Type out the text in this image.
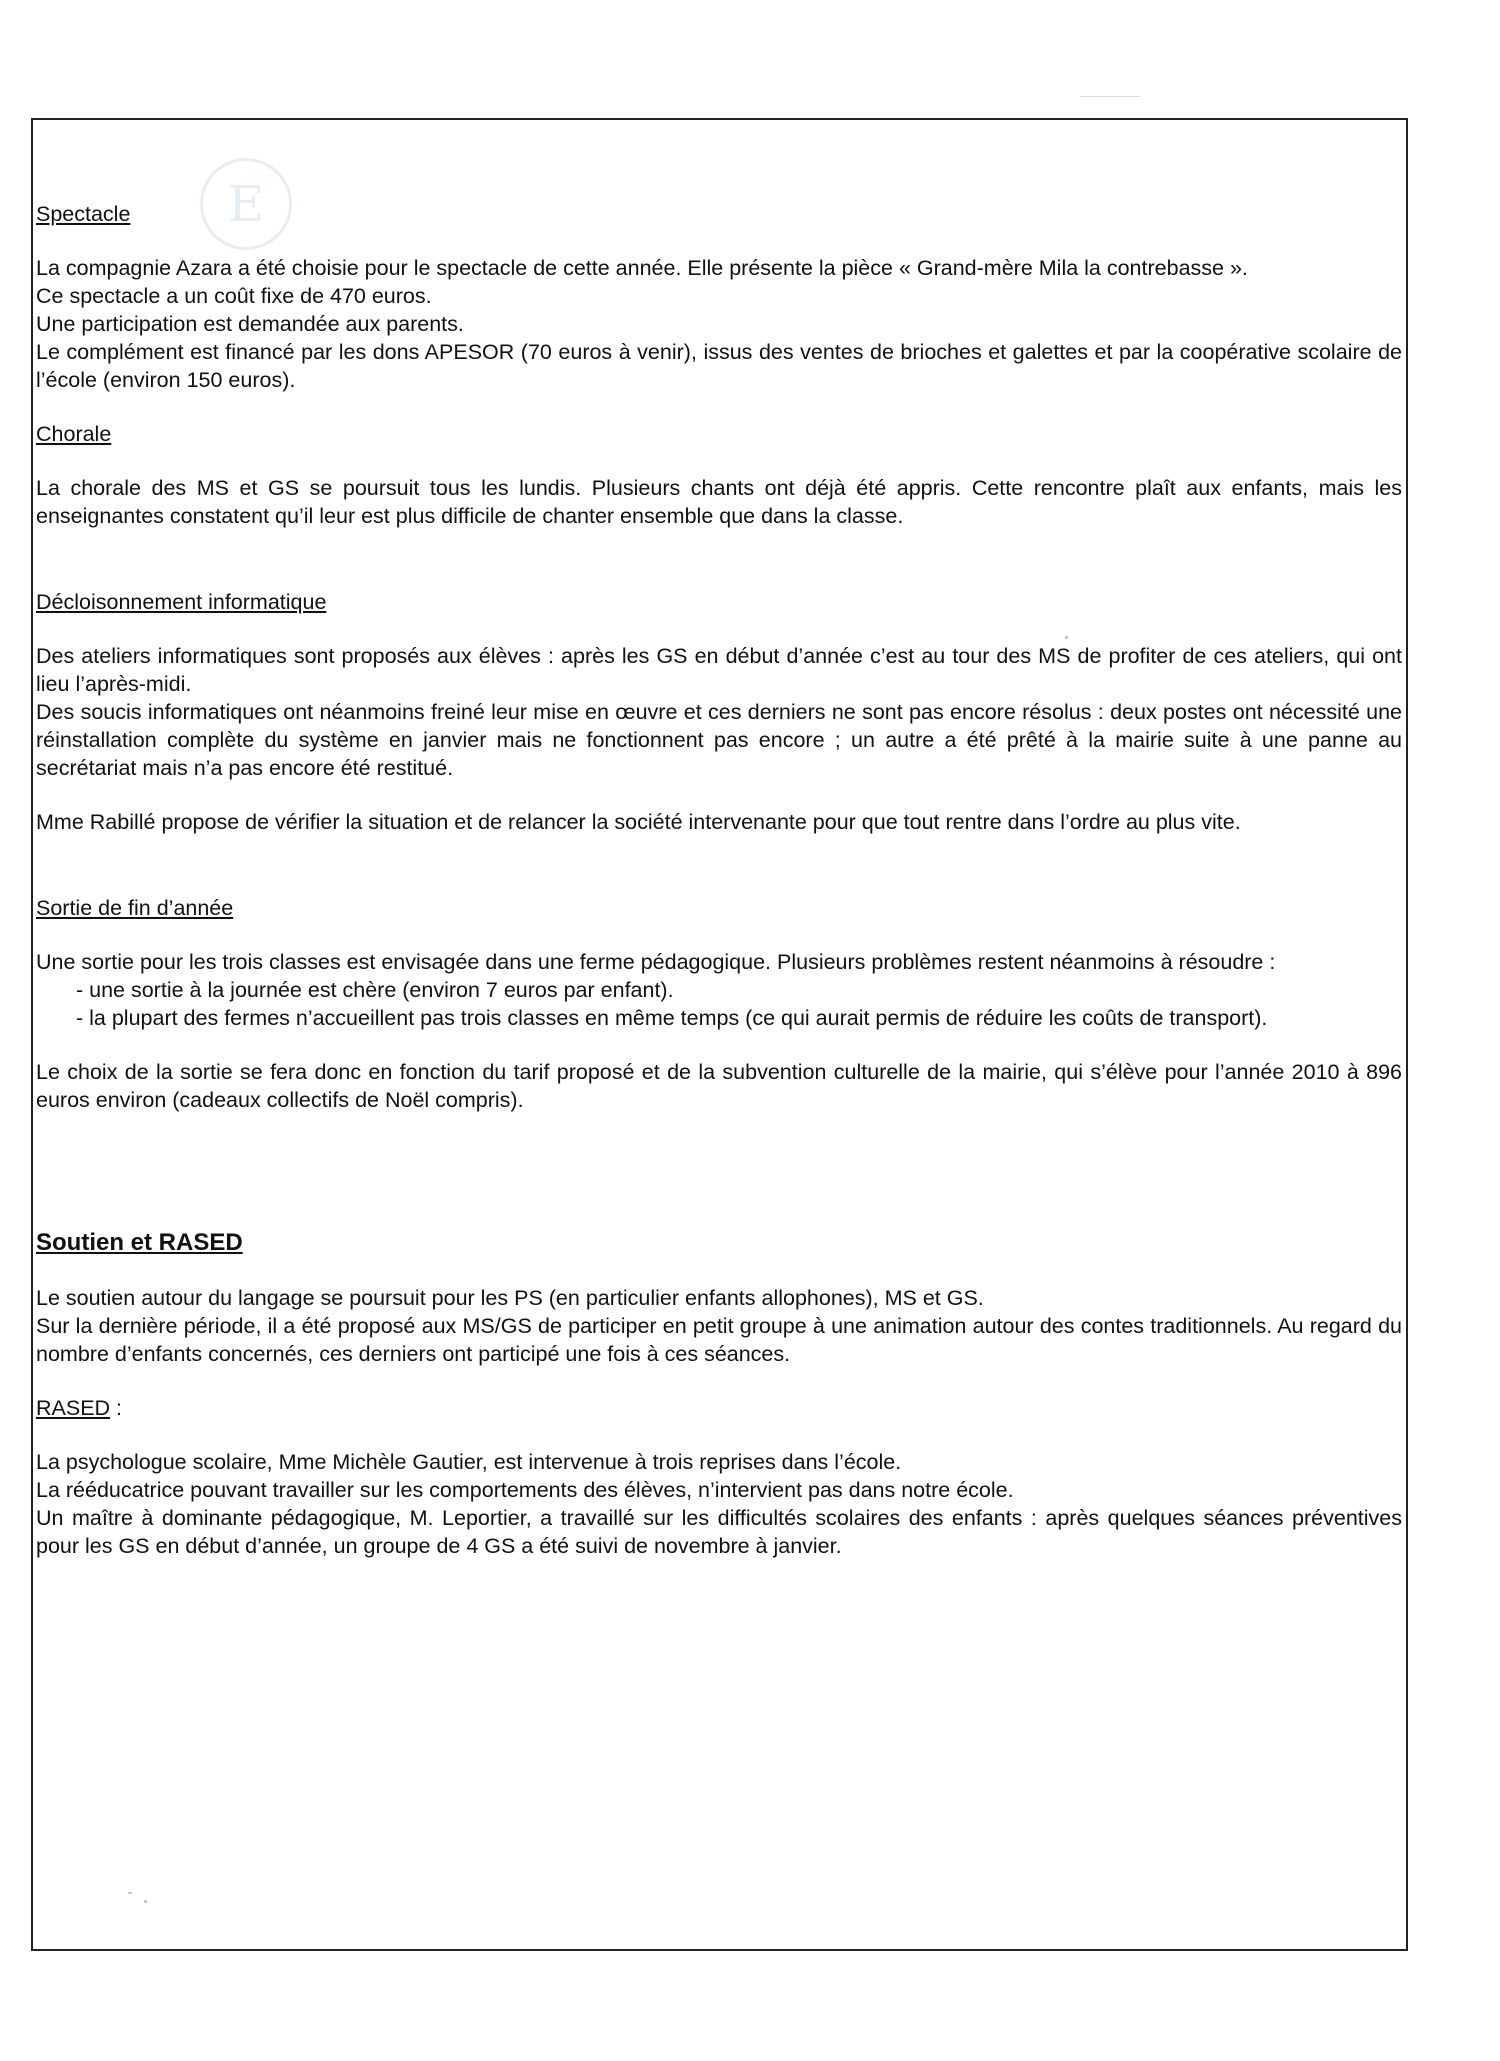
E
Spectacle

La compagnie Azara a été choisie pour le spectacle de cette année. Elle présente la pièce « Grand-mère Mila la contrebasse ».

Ce spectacle a un coût fixe de 470 euros.

Une participation est demandée aux parents.

Le complément est financé par les dons APESOR (70 euros à venir), issus des ventes de brioches et galettes et par la coopérative scolaire de l’école (environ 150 euros).

Chorale

La chorale des MS et GS se poursuit tous les lundis. Plusieurs chants ont déjà été appris. Cette rencontre plaît aux enfants, mais les enseignantes constatent qu’il leur est plus difficile de chanter ensemble que dans la classe.

Décloisonnement informatique

Des ateliers informatiques sont proposés aux élèves : après les GS en début d’année c’est au tour des MS de profiter de ces ateliers, qui ont lieu l’après-midi.

Des soucis informatiques ont néanmoins freiné leur mise en œuvre et ces derniers ne sont pas encore résolus : deux postes ont nécessité une réinstallation complète du système en janvier mais ne fonctionnent pas encore ; un autre a été prêté à la mairie suite à une panne au secrétariat mais n’a pas encore été restitué.

Mme Rabillé propose de vérifier la situation et de relancer la société intervenante pour que tout rentre dans l’ordre au plus vite.

Sortie de fin d’année

Une sortie pour les trois classes est envisagée dans une ferme pédagogique. Plusieurs problèmes restent néanmoins à résoudre :

- une sortie à la journée est chère (environ 7 euros par enfant).
- la plupart des fermes n’accueillent pas trois classes en même temps (ce qui aurait permis de réduire les coûts de transport).

Le choix de la sortie se fera donc en fonction du tarif proposé et de la subvention culturelle de la mairie, qui s’élève pour l’année 2010 à 896 euros environ (cadeaux collectifs de Noël compris).

Soutien et RASED

Le soutien autour du langage se poursuit pour les PS (en particulier enfants allophones), MS et GS.

Sur la dernière période, il a été proposé aux MS/GS de participer en petit groupe à une animation autour des contes traditionnels. Au regard du nombre d’enfants concernés, ces derniers ont participé une fois à ces séances.

RASED :

La psychologue scolaire, Mme Michèle Gautier, est intervenue à trois reprises dans l’école.

La rééducatrice pouvant travailler sur les comportements des élèves, n’intervient pas dans notre école.

Un maître à dominante pédagogique, M. Leportier, a travaillé sur les difficultés scolaires des enfants : après quelques séances préventives pour les GS en début d’année, un groupe de 4 GS a été suivi de novembre à janvier.
